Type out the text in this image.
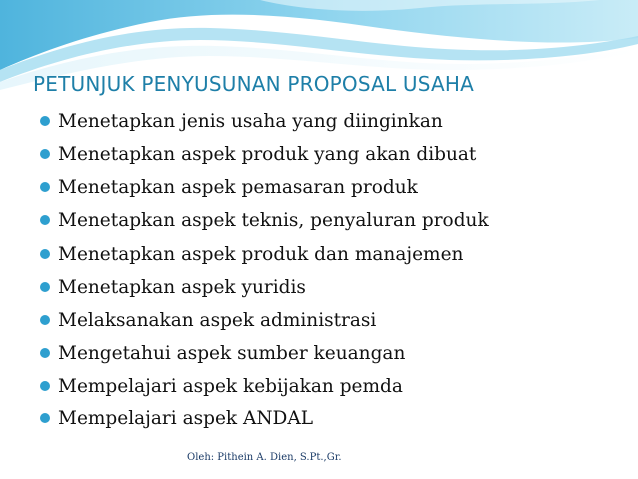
PETUNJUK PENYUSUNAN PROPOSAL USAHA
Menetapkan jenis usaha yang diinginkan
Menetapkan aspek produk yang akan dibuat
Menetapkan aspek pemasaran produk
Menetapkan aspek teknis, penyaluran produk
Menetapkan aspek produk dan manajemen
Menetapkan aspek yuridis
Melaksanakan aspek administrasi
Mengetahui aspek sumber keuangan
Mempelajari aspek kebijakan pemda
Mempelajari aspek ANDAL
Oleh: Pithein A. Dien, S.Pt.,Gr.
